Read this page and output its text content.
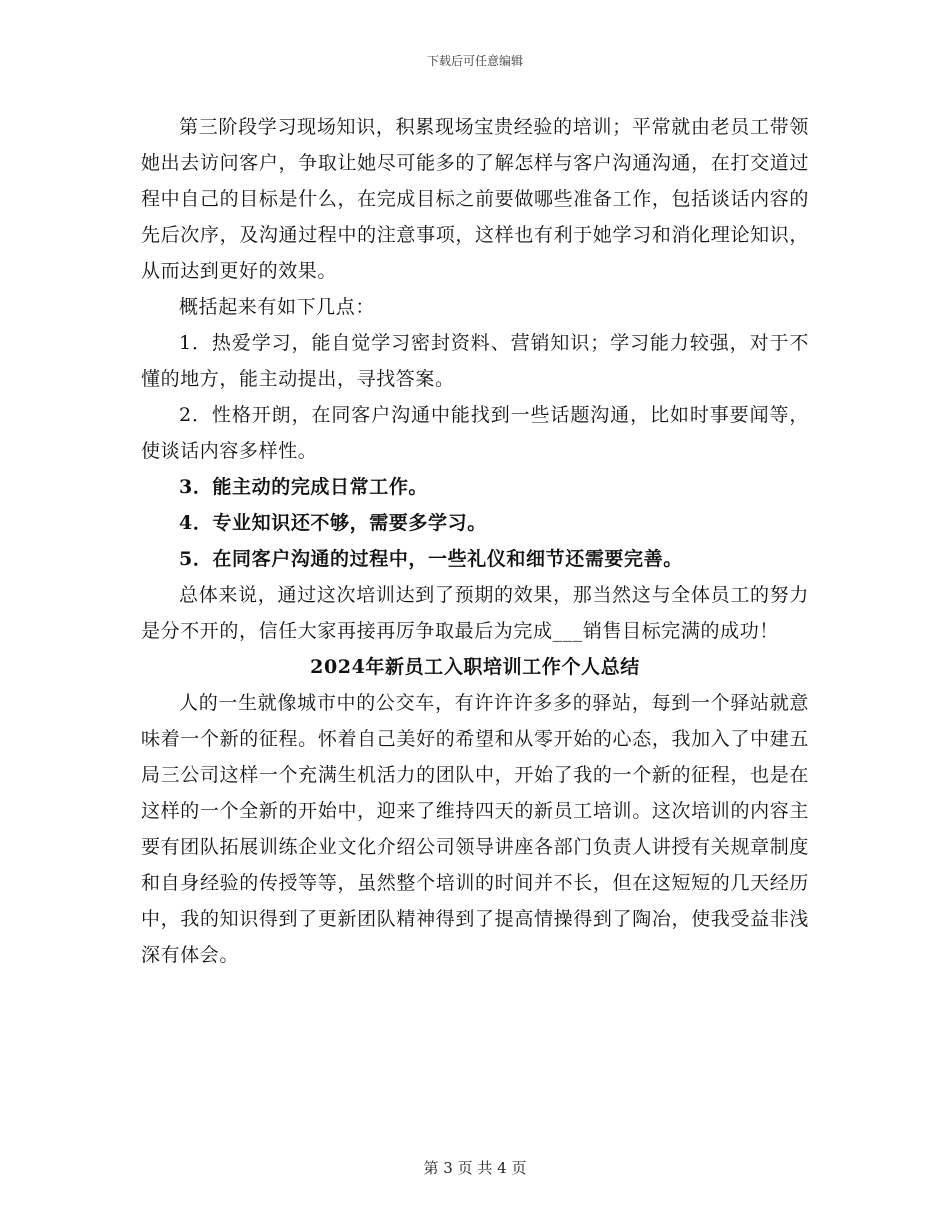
下载后可任意编辑

第三阶段学习现场知识，积累现场宝贵经验的培训；平常就由老员工带领她出去访问客户，争取让她尽可能多的了解怎样与客户沟通沟通，在打交道过程中自己的目标是什么，在完成目标之前要做哪些准备工作，包括谈话内容的先后次序，及沟通过程中的注意事项，这样也有利于她学习和消化理论知识，从而达到更好的效果。

概括起来有如下几点：

1．热爱学习，能自觉学习密封资料、营销知识；学习能力较强，对于不懂的地方，能主动提出，寻找答案。

2．性格开朗，在同客户沟通中能找到一些话题沟通，比如时事要闻等，使谈话内容多样性。

3．能主动的完成日常工作。

4．专业知识还不够，需要多学习。

5．在同客户沟通的过程中，一些礼仪和细节还需要完善。

总体来说，通过这次培训达到了预期的效果，那当然这与全体员工的努力是分不开的，信任大家再接再厉争取最后为完成___销售目标完满的成功！

2024年新员工入职培训工作个人总结

人的一生就像城市中的公交车，有许许许多多的驿站，每到一个驿站就意味着一个新的征程。怀着自己美好的希望和从零开始的心态，我加入了中建五局三公司这样一个充满生机活力的团队中，开始了我的一个新的征程，也是在这样的一个全新的开始中，迎来了维持四天的新员工培训。这次培训的内容主要有团队拓展训练企业文化介绍公司领导讲座各部门负责人讲授有关规章制度和自身经验的传授等等，虽然整个培训的时间并不长，但在这短短的几天经历中，我的知识得到了更新团队精神得到了提高情操得到了陶冶，使我受益非浅深有体会。

第 3 页 共 4 页
